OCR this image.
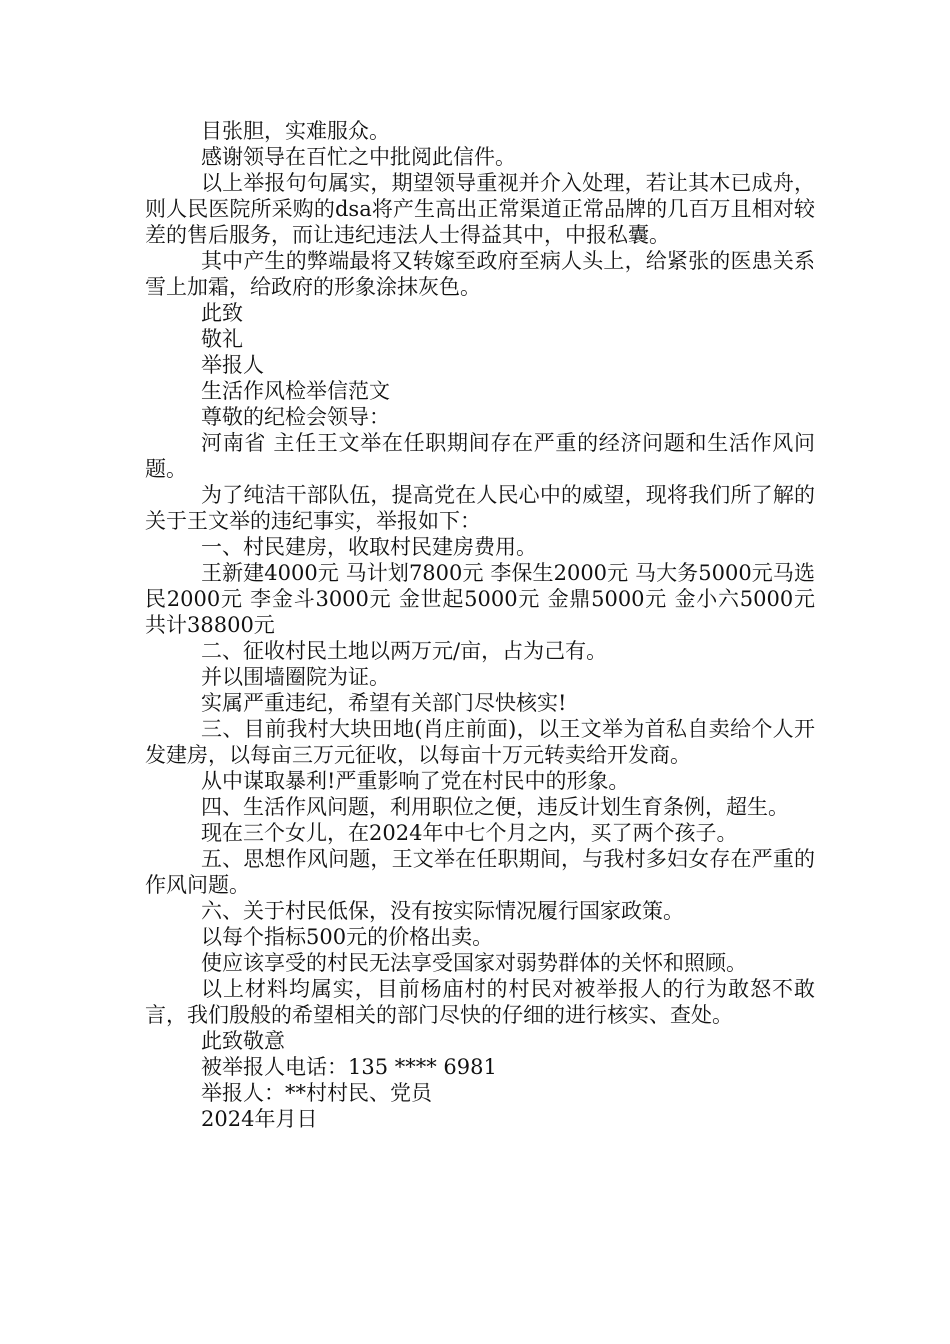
目张胆，实难服众。

感谢领导在百忙之中批阅此信件。

以上举报句句属实，期望领导重视并介入处理，若让其木已成舟，则人民医院所采购的dsa将产生高出正常渠道正常品牌的几百万且相对较差的售后服务，而让违纪违法人士得益其中，中报私囊。

其中产生的弊端最将又转嫁至政府至病人头上，给紧张的医患关系雪上加霜，给政府的形象涂抹灰色。

此致

敬礼

举报人

生活作风检举信范文

尊敬的纪检会领导：

河南省 主任王文举在任职期间存在严重的经济问题和生活作风问题。

为了纯洁干部队伍，提高党在人民心中的威望，现将我们所了解的关于王文举的违纪事实，举报如下：

一、村民建房，收取村民建房费用。

王新建4000元 马计划7800元 李保生2000元 马大务5000元马选民2000元 李金斗3000元 金世起5000元 金鼎5000元 金小六5000元 共计38800元

二、征收村民土地以两万元/亩，占为己有。

并以围墙圈院为证。

实属严重违纪，希望有关部门尽快核实!

三、目前我村大块田地(肖庄前面)，以王文举为首私自卖给个人开发建房，以每亩三万元征收，以每亩十万元转卖给开发商。

从中谋取暴利!严重影响了党在村民中的形象。

四、生活作风问题，利用职位之便，违反计划生育条例，超生。

现在三个女儿，在2024年中七个月之内，买了两个孩子。

五、思想作风问题，王文举在任职期间，与我村多妇女存在严重的作风问题。

六、关于村民低保，没有按实际情况履行国家政策。

以每个指标500元的价格出卖。

使应该享受的村民无法享受国家对弱势群体的关怀和照顾。

以上材料均属实，目前杨庙村的村民对被举报人的行为敢怒不敢言，我们殷般的希望相关的部门尽快的仔细的进行核实、查处。

此致敬意

被举报人电话：135 **** 6981

举报人：**村村民、党员

2024年月日
